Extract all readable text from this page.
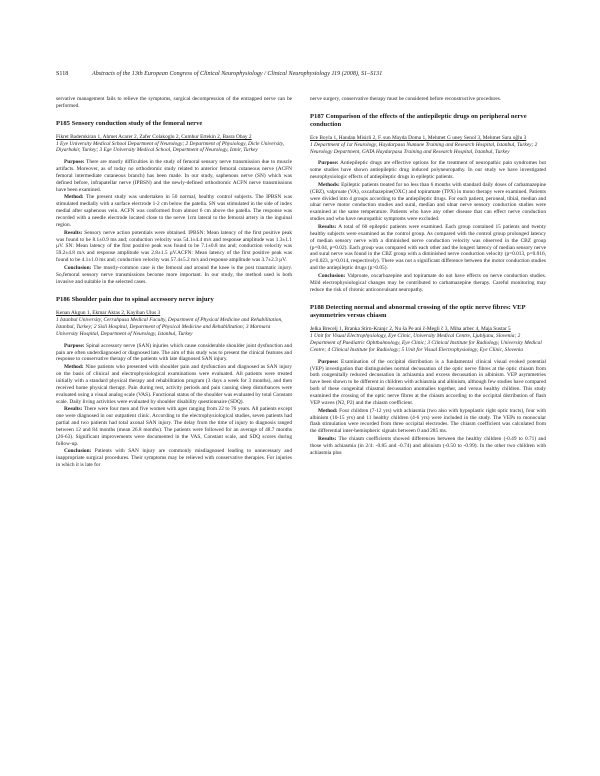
S118	Abstracts of the 13th European Congress of Clinical Neurophysiology / Clinical Neurophysiology 119 (2008), S1–S131

servative management fails to relieve the symptoms, surgical decompression of the entrapped nerve can be performed.

P185 Sensory conduction study of the femoral nerve

Fikret Bademkiran 1, Ahmet Acarer 2, Zafer Colakoglu 2, Cumhur Ertekin 2, Basra Obay 2

1 Eye University Medical School Department of Neurology; 2 Department of Physiology, Dicle University, Diyarbakir, Turkey; 3 Ege University Medical School, Department of Neurology, Izmir, Turkey

Purpose: There are mostly difficulties in the study of femoral sensory nerve transmission due to muscle artifacts. Moreover, as of today no orthodromic study related to anterior femoral cutaneous nerve (ACFN femoral intermediate cutaneous branch) has been made. In our study, saphenous nerve (SN) which was defined before, infrapatellar nerve (IPBSN) and the newly-defined orthodromic ACFN nerve transmissions have been examined.

Method: The present study was undertaken in 50 normal, healthy control subjects. The IPBSN was stimulated medially with a surface electrode 1-2 cm below the patella. SN was stimulated in the side of index medial after saphenous vein. ACFN was conformed from almost 6 cm above the patella. The response was recorded with a needle electrode located close to the nerve 1cm lateral to the femoral artery in the inguinal region.

Results: Sensory nerve action potentials were obtained. IPBSN: Mean latency of the first positive peak was found to be 8.1±0.9 ms and; conduction velocity was 54.1±4.4 m/s and response amplitude was 1.3±1.1 µV. SN: Mean latency of the first positive peak was found to be 7.1±0.8 ms and; conduction velocity was 59.2±4.8 m/s and response amplitude was 2.8±1.5 µV.ACFN: Mean latency of the first positive peak was found to be 4.1±1.0 ms and; conduction velocity was 57.4±5.2 m/s and response amplitude was 3.7±2.3 µV.

Conclusion: The mostly-common case is the femoral and around the knee is the post traumatic injury. So,femoral sensory nerve transmissions become more important. In our study, the method used is both invasive and suitable in the selected cases.

P186 Shoulder pain due to spinal accessory nerve injury

Kenan Akgun 1, Ekmar Aktas 2, Kayihan Ulus 3

1 Istanbul University, Cerrahpasa Medical Faculty, Department of Physical Medicine and Rehabilitation, Istanbul, Turkey; 2 Sisli Hospital, Department of Physical Medicine and Rehabilitation; 3 Marmara University Hospital, Department of Neurology, Istanbul, Turkey

Purpose: Spinal accessory nerve (SAN) injuries which cause considerable shoulder joint dysfunction and pain are often underdiagnosed or diagnosed late. The aim of this study was to present the clinical features and response to conservative therapy of the patients with late diagnosed SAN injury.

Method: Nine patients who presented with shoulder pain and dysfunction and diagnosed as SAN injury on the basis of clinical and electrophysiological examinations were evaluated. All patients were treated initially with a standard physical therapy and rehabilitation program (3 days a week for 3 months), and then received home physical therapy. Pain during rest, activity periods and pain causing sleep disturbances were evaluated using a visual analog scale (VAS). Functional status of the shoulder was evaluated by total Constant scale. Daily living activities were evaluated by shoulder disability questionnaire (SDQ).

Results: There were four men and five women with ages ranging from 22 to 76 years. All patients except one were diagnosed in our outpatient clinic. According to the electrophysiological studies, seven patients had partial and two patients had total axonal SAN injury. The delay from the time of injury to diagnosis ranged between 12 and 84 months (mean 26.8 months). The patients were followed for an average of 48.7 months (26-63). Significant improvements were documented in the VAS, Constant scale, and SDQ scores during follow-up.

Conclusion: Patients with SAN injury are commonly misdiagnosed leading to unnecessary and inappropriate surgical procedures. Their symptoms may be relieved with conservative therapies. For injuries in which it is late for

nerve surgery, conservative therapy must be considered before reconstructive procedures.

P187 Comparison of the effects of the antiepileptic drugs on peripheral nerve conduction

Ece Boyla 1, Handan Misirli 2, F. sun Mayda Doma 1, Mehmet G uney Senol 3, Mehmet Sara oğlu 3

1 Department of 1st Neurology, Haydarpasa Numune Training and Research Hospital, Istanbul, Turkey; 2 Neurology Department, GATA Haydarpasa Training and Research Hospital, Istanbul, Turkey

Purpose: Antiepileptic drugs are effective options for the treatment of neuropathic pain syndromes but some studies have shown antiepileptic drug induced polyneuropathy. In our study we have investigated neurophysiologic effects of antiepileptic drugs in epileptic patients.

Methods: Epileptic patients treated for no less than 6 months with standard daily doses of carbamazepine (CBZ), valproate (VA), oxcarbazepine(OXC) and topiramate (TPX) in mono therapy were examined. Patients were divided into 4 groups according to the antiepileptic drugs. For each patient, peroneal, tibial, median and ulnar nerve motor conduction studies and sural, median and ulnar nerve sensory conduction studies were examined at the same temperature. Patients who have any other disease that can effect nerve conduction studies and who have neuropathic symptoms were excluded.

Results: A total of 60 epileptic patients were examined. Each group contained 15 patients and twenty healthy subjects were examined as the control group. As compared with the control group prolonged latency of median sensory nerve with a diminished nerve conduction velocity was observed in the CBZ group (p=0.04, p=0.02). Each group was compared with each other and the longest latency of median sensory nerve and sural nerve was found in the CBZ group with a diminished nerve conduction velocity (p=0.013, p=0.016, p=0.023, p=0.014, respectively). There was not a significant difference between the motor conduction studies and the antiepileptic drugs (p>0.05).

Conclusion: Valproate, oxcarbazepine and topiramate do not have effects on nerve conduction studies. Mild electrophysiological changes may be contributed to carbamazepine therapy. Careful monitoring may reduce the risk of chronic anticonvulsant neuropathy.

P188 Detecting normal and abnormal crossing of the optic nerve fibres: VEP asymmetries versus chiasm

Jelka Brecelj 1, Branka Stirn-Kranjc 2, Nu ša Pe ani č-Megli č 3, Miha arbec 4, Maja Sustar 5

1 Unit for Visual Electrophysiology, Eye Clinic, University Medical Centre, Ljubljana, Slovenia; 2 Department of Paediatric Ophthalmology, Eye Clinic; 3 Clinical Institute for Radiology, University Medical Centre; 4 Clinical Institute for Radiology; 5 Unit for Visual Electrophysiology, Eye Clinic, Slovenia

Purpose: Examination of the occipital distribution is a fundamental clinical visual evoked potential (VEP) investigation that distinguishes normal decussation of the optic nerve fibres at the optic chiasm from both congenitally reduced decussation in achiasmia and excess decussation in albinism. VEP asymmetries have been shown to be different in children with achiasmia and albinism, although few studies have compared both of these congenital chiasmal decussation anomalies together, and versus healthy children. This study examined the crossing of the optic nerve fibres at the chiasm according to the occipital distribution of flash VEP waves (N2, P2) and the chiasm coefficient.

Method: Four children (7-12 yrs) with achiasmia (two also with hypoplastic right optic tracts), four with albinism (10-15 yrs) and 11 healthy children (4-6 yrs) were included in the study. The VEPs to monocular flash stimulation were recorded from three occipital electrodes. The chiasm coefficient was calculated from the differential inter-hemispheric signals between 0 and 285 ms.

Results: The chiasm coefficients showed differences between the healthy children (-0.49 to 0.71) and those with achiasmia (in 2/4: -0.85 and -0.74) and albinism (-0.50 to -0.99). In the other two children with achiasmia plus
